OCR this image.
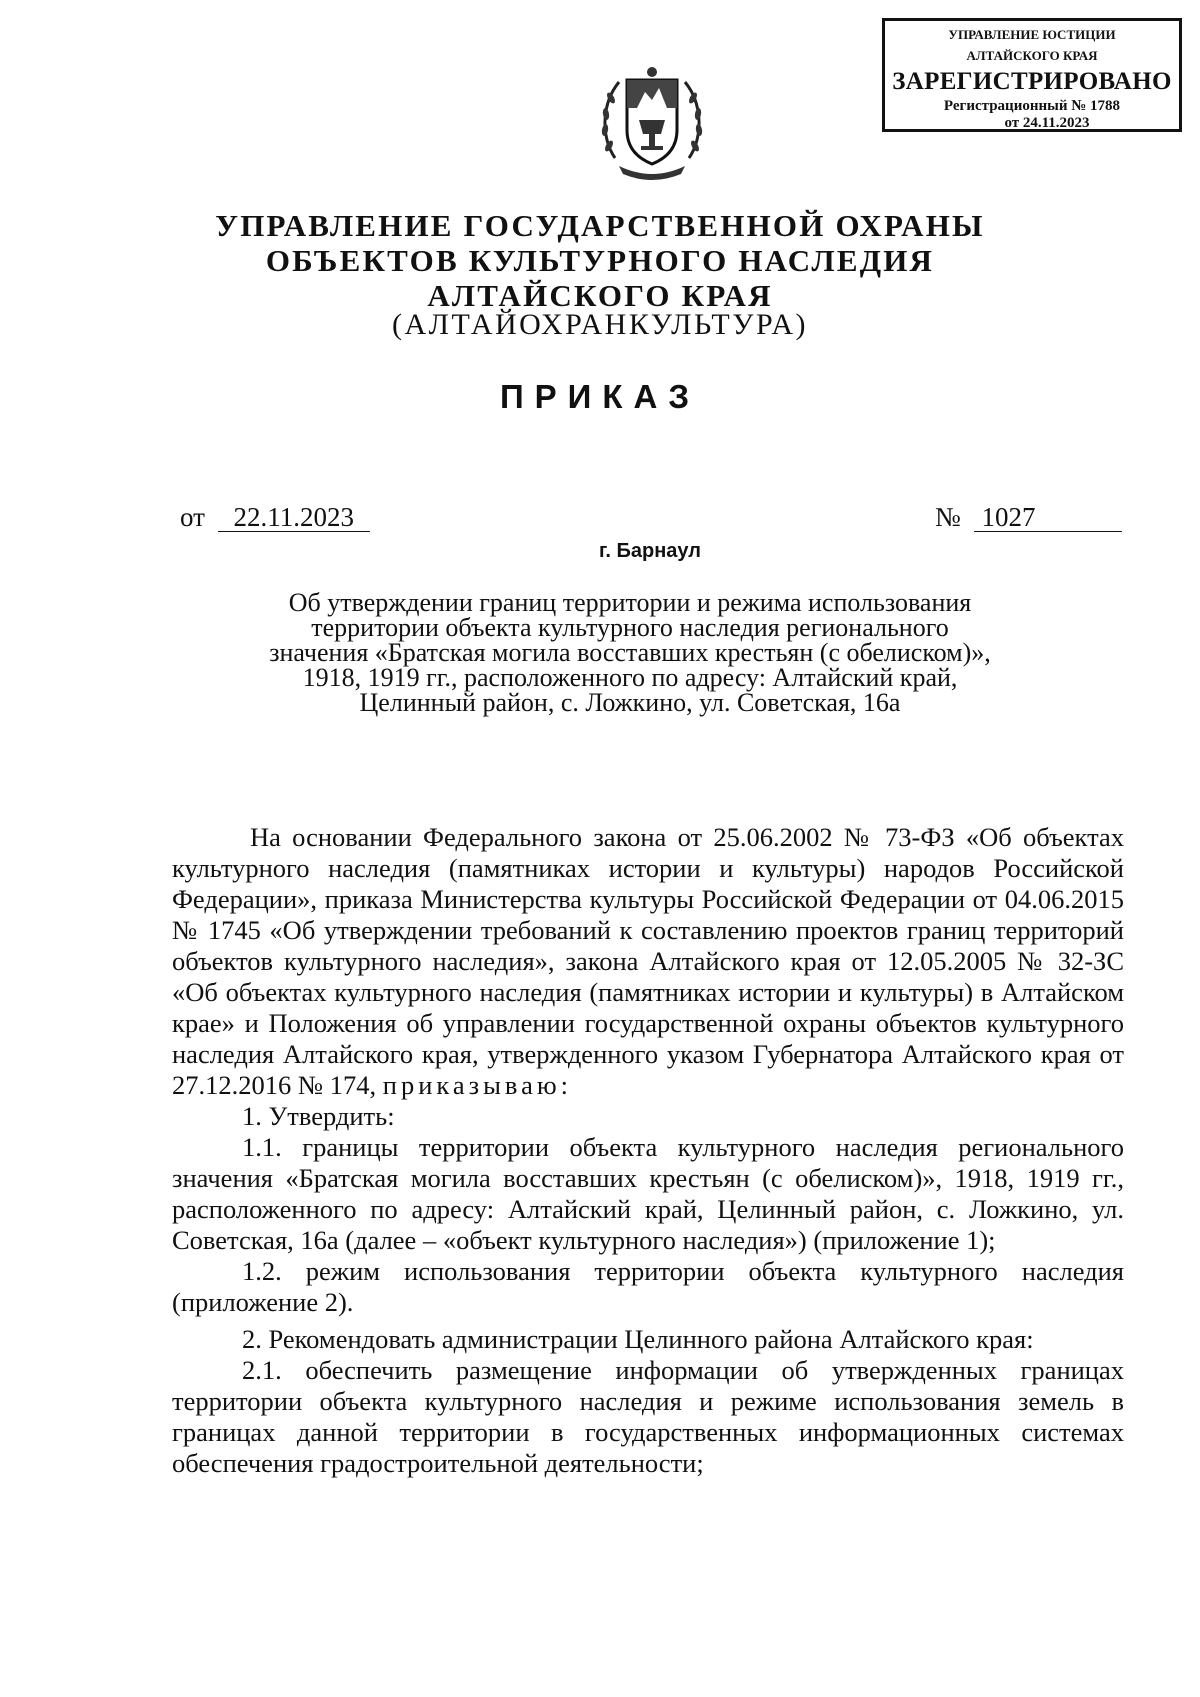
УПРАВЛЕНИЕ ЮСТИЦИИ
АЛТАЙСКОГО КРАЯ
ЗАРЕГИСТРИРОВАНО
Регистрационный № 1788
от 24.11.2023
УПРАВЛЕНИЕ ГОСУДАРСТВЕННОЙ ОХРАНЫ
ОБЪЕКТОВ КУЛЬТУРНОГО НАСЛЕДИЯ
АЛТАЙСКОГО КРАЯ
(АЛТАЙОХРАНКУЛЬТУРА)
ПРИКАЗ
от 22.11.2023	№ 1027
г. Барнаул
Об утверждении границ территории и режима использования
территории объекта культурного наследия регионального
значения «Братская могила восставших крестьян (с обелиском)»,
1918, 1919 гг., расположенного по адресу: Алтайский край,
Целинный район, с. Ложкино, ул. Советская, 16а

На основании Федерального закона от 25.06.2002 № 73-ФЗ «Об объектах культурного наследия (памятниках истории и культуры) народов Российской Федерации», приказа Министерства культуры Российской Федерации от 04.06.2015 № 1745 «Об утверждении требований к составлению проектов границ территорий объектов культурного наследия», закона Алтайского края от 12.05.2005 № 32-ЗС «Об объектах культурного наследия (памятниках истории и культуры) в Алтайском крае» и Положения об управлении государственной охраны объектов культурного наследия Алтайского края, утвержденного указом Губернатора Алтайского края от 27.12.2016 № 174, приказываю:

1. Утвердить:

1.1. границы территории объекта культурного наследия регионального значения «Братская могила восставших крестьян (с обелиском)», 1918, 1919 гг., расположенного по адресу: Алтайский край, Целинный район, с. Ложкино, ул. Советская, 16а (далее – «объект культурного наследия») (приложение 1);

1.2. режим использования территории объекта культурного наследия (приложение 2).

2. Рекомендовать администрации Целинного района Алтайского края:

2.1. обеспечить размещение информации об утвержденных границах территории объекта культурного наследия и режиме использования земель в границах данной территории в государственных информационных системах обеспечения градостроительной деятельности;
